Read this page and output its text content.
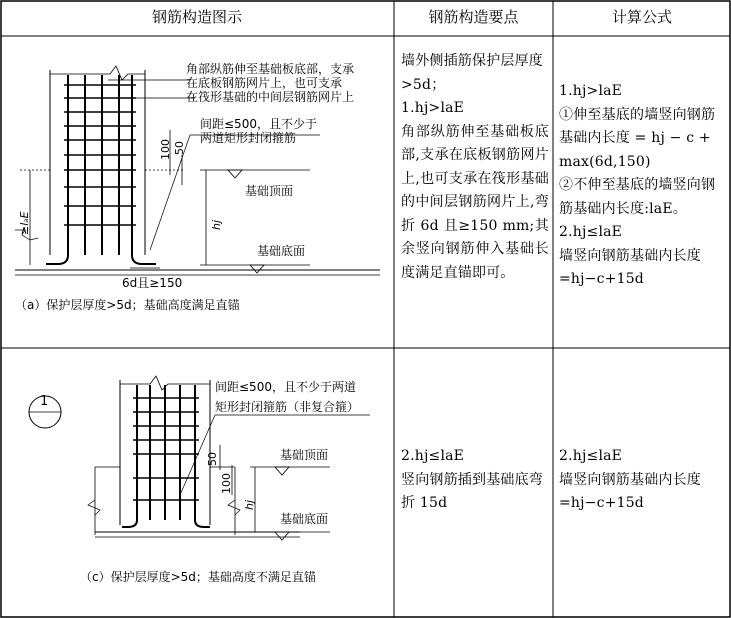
钢筋构造图示	钢筋构造要点	计算公式
角部纵筋伸至基础板底部，支承
在底板钢筋网片上，也可支承
在筏形基础的中间层钢筋网片上
间距≤500，且不少于
两道矩形封闭箍筋
基础顶面
基础底面
100 50
hj
≥lₐE
6d且≥150
（a）保护层厚度>5d；基础高度满足直锚

墙外侧插筋保护层厚度>5d；

1.hj>laE

角部纵筋伸至基础板底部,支承在底板钢筋网片上,也可支承在筏形基础的中间层钢筋网片上,弯折 6d 且≥150 mm;其余竖向钢筋伸入基础长度满足直锚即可。

1.hj>laE

①伸至基底的墙竖向钢筋基础内长度 = hj − c + max(6d,150)

②不伸至基底的墙竖向钢筋基础内长度:laE。

2.hj≤laE

墙竖向钢筋基础内长度=hj−c+15d

1
间距≤500，且不少于两道
矩形封闭箍筋（非复合箍）
基础顶面
基础底面
50
100
hj
（c）保护层厚度>5d；基础高度不满足直锚

2.hj≤laE

竖向钢筋插到基础底弯折 15d

2.hj≤laE

墙竖向钢筋基础内长度=hj−c+15d
